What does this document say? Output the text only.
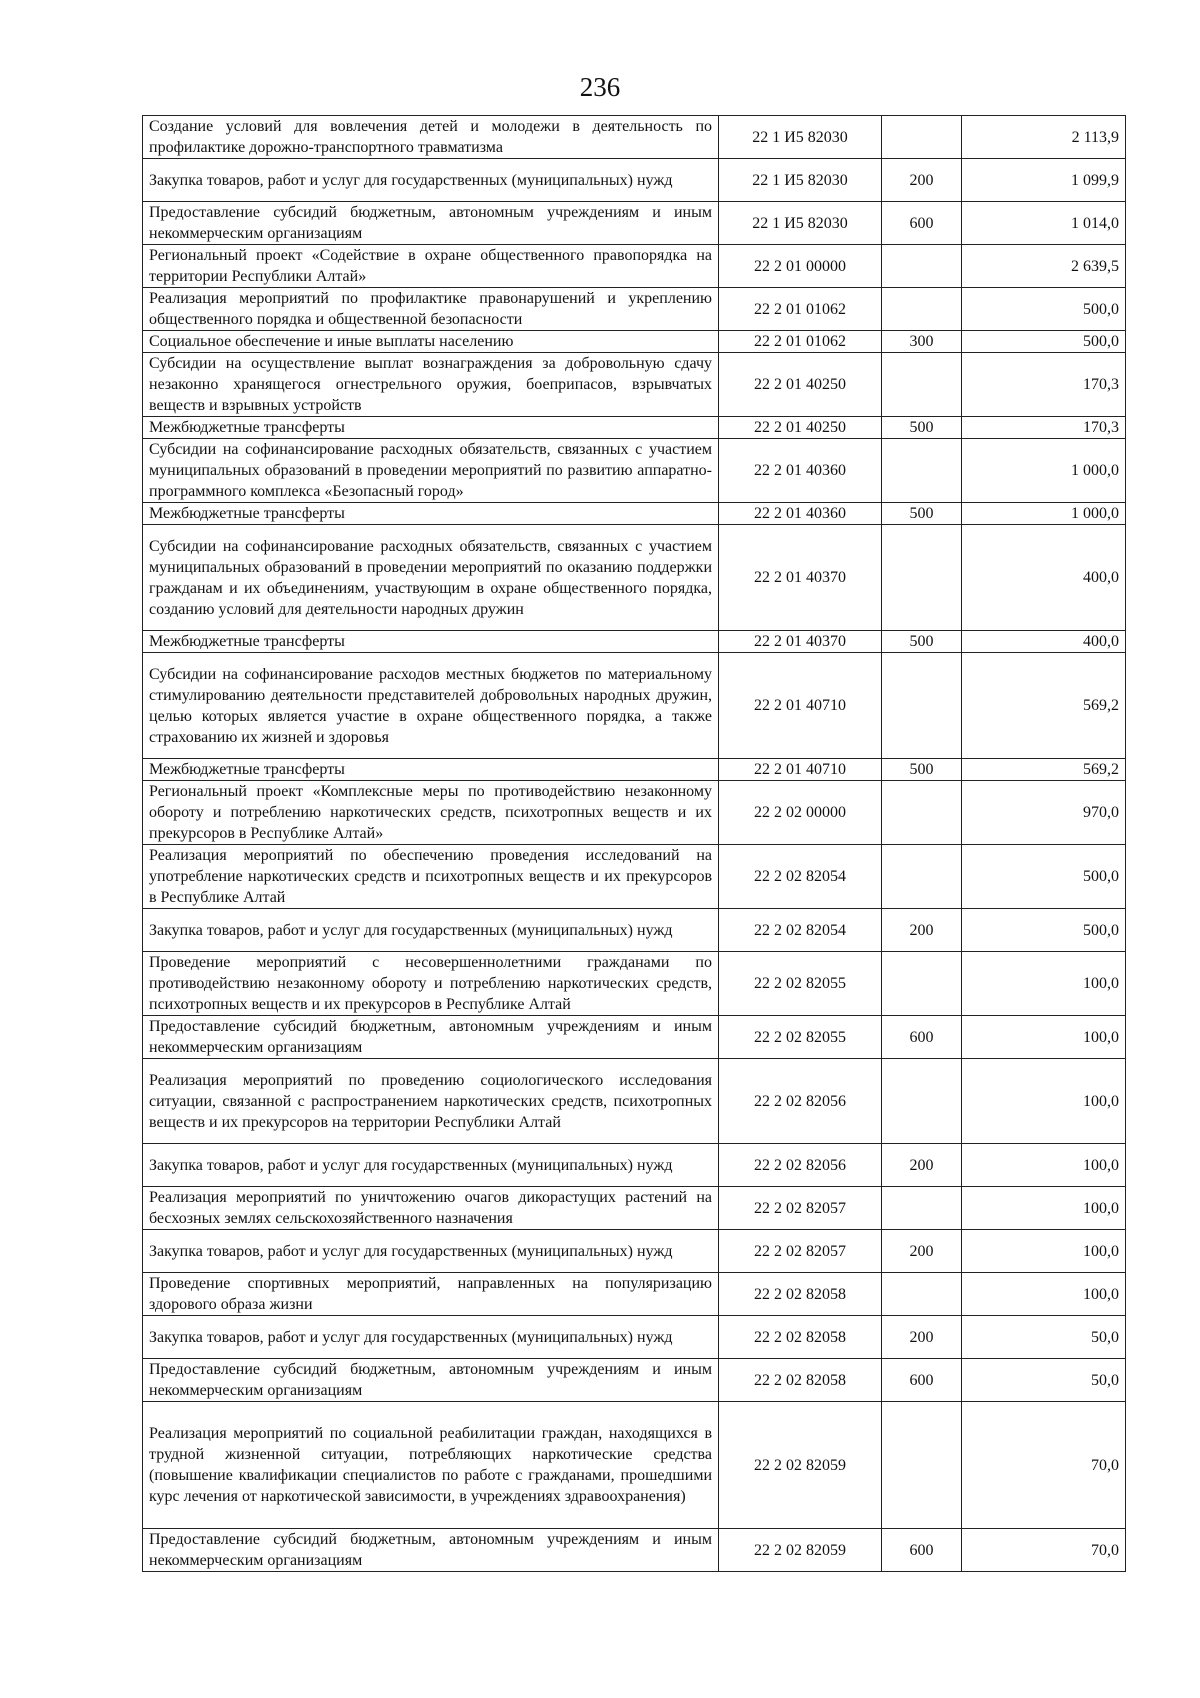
236
Создание условий для вовлечения детей и молодежи в деятельность по профилактике дорожно-транспортного травматизма	22 1 И5 82030		2 113,9
Закупка товаров, работ и услуг для государственных (муниципальных) нужд	22 1 И5 82030	200	1 099,9
Предоставление субсидий бюджетным, автономным учреждениям и иным некоммерческим организациям	22 1 И5 82030	600	1 014,0
Региональный проект «Содействие в охране общественного правопорядка на территории Республики Алтай»	22 2 01 00000		2 639,5
Реализация мероприятий по профилактике правонарушений и укреплению общественного порядка и общественной безопасности	22 2 01 01062		500,0
Социальное обеспечение и иные выплаты населению	22 2 01 01062	300	500,0
Субсидии на осуществление выплат вознаграждения за добровольную сдачу незаконно хранящегося огнестрельного оружия, боеприпасов, взрывчатых веществ и взрывных устройств	22 2 01 40250		170,3
Межбюджетные трансферты	22 2 01 40250	500	170,3
Субсидии на софинансирование расходных обязательств, связанных с участием муниципальных образований в проведении мероприятий по развитию аппаратно-программного комплекса «Безопасный город»	22 2 01 40360		1 000,0
Межбюджетные трансферты	22 2 01 40360	500	1 000,0
Субсидии на софинансирование расходных обязательств, связанных с участием муниципальных образований в проведении мероприятий по оказанию поддержки гражданам и их объединениям, участвующим в охране общественного порядка, созданию условий для деятельности народных дружин	22 2 01 40370		400,0
Межбюджетные трансферты	22 2 01 40370	500	400,0
Субсидии на софинансирование расходов местных бюджетов по материальному стимулированию деятельности представителей добровольных народных дружин, целью которых является участие в охране общественного порядка, а также страхованию их жизней и здоровья	22 2 01 40710		569,2
Межбюджетные трансферты	22 2 01 40710	500	569,2
Региональный проект «Комплексные меры по противодействию незаконному обороту и потреблению наркотических средств, психотропных веществ и их прекурсоров в Республике Алтай»	22 2 02 00000		970,0
Реализация мероприятий по обеспечению проведения исследований на употребление наркотических средств и психотропных веществ и их прекурсоров в Республике Алтай	22 2 02 82054		500,0
Закупка товаров, работ и услуг для государственных (муниципальных) нужд	22 2 02 82054	200	500,0
Проведение мероприятий с несовершеннолетними гражданами по противодействию незаконному обороту и потреблению наркотических средств, психотропных веществ и их прекурсоров в Республике Алтай	22 2 02 82055		100,0
Предоставление субсидий бюджетным, автономным учреждениям и иным некоммерческим организациям	22 2 02 82055	600	100,0
Реализация мероприятий по проведению социологического исследования ситуации, связанной с распространением наркотических средств, психотропных веществ и их прекурсоров на территории Республики Алтай	22 2 02 82056		100,0
Закупка товаров, работ и услуг для государственных (муниципальных) нужд	22 2 02 82056	200	100,0
Реализация мероприятий по уничтожению очагов дикорастущих растений на бесхозных землях сельскохозяйственного назначения	22 2 02 82057		100,0
Закупка товаров, работ и услуг для государственных (муниципальных) нужд	22 2 02 82057	200	100,0
Проведение спортивных мероприятий, направленных на популяризацию здорового образа жизни	22 2 02 82058		100,0
Закупка товаров, работ и услуг для государственных (муниципальных) нужд	22 2 02 82058	200	50,0
Предоставление субсидий бюджетным, автономным учреждениям и иным некоммерческим организациям	22 2 02 82058	600	50,0
Реализация мероприятий по социальной реабилитации граждан, находящихся в трудной жизненной ситуации, потребляющих наркотические средства (повышение квалификации специалистов по работе с гражданами, прошедшими курс лечения от наркотической зависимости, в учреждениях здравоохранения)	22 2 02 82059		70,0
Предоставление субсидий бюджетным, автономным учреждениям и иным некоммерческим организациям	22 2 02 82059	600	70,0
